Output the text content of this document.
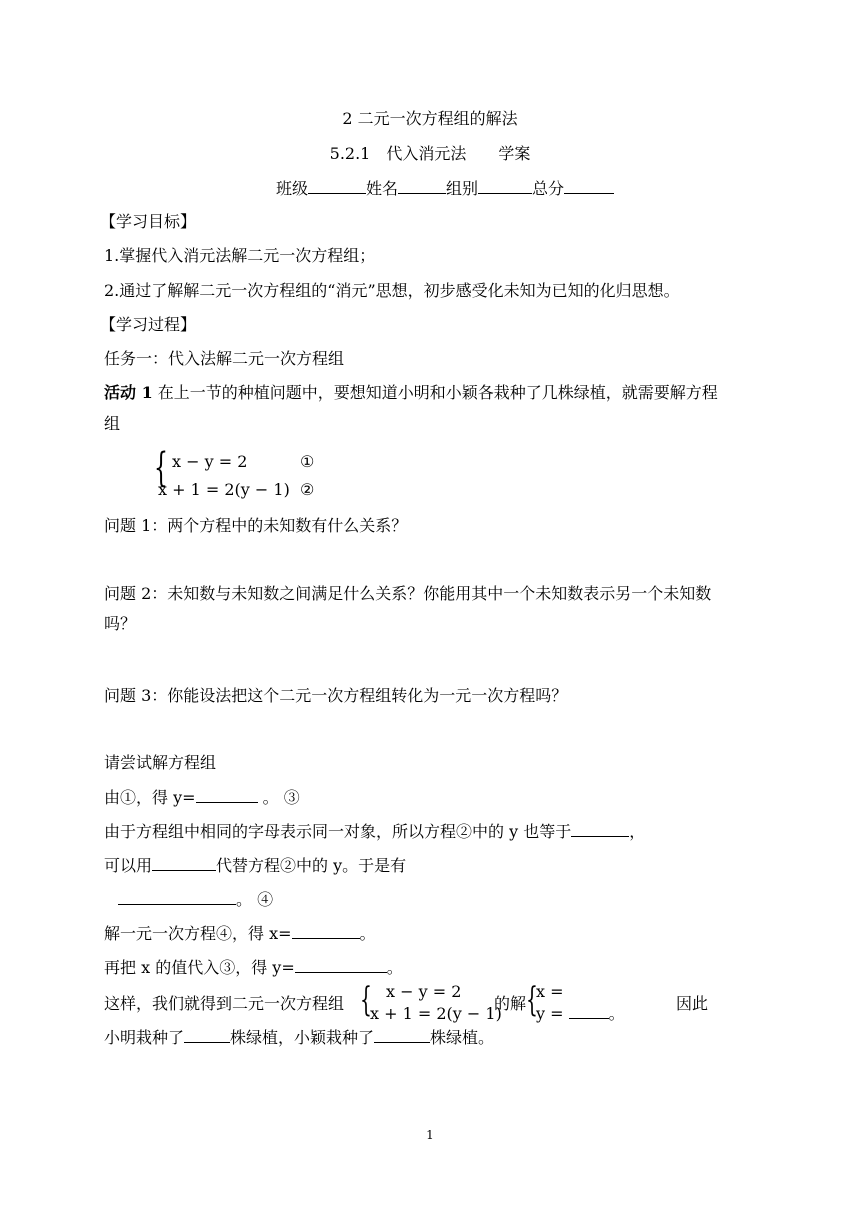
2 二元一次方程组的解法
5.2.1　代入消元法　　学案
班级	姓名	组别	总分
【学习目标】
1.掌握代入消元法解二元一次方程组；
2.通过了解解二元一次方程组的“消元”思想，初步感受化未知为已知的化归思想。
【学习过程】
任务一：代入法解二元一次方程组
活动 1 在上一节的种植问题中，要想知道小明和小颖各栽种了几株绿植，就需要解方程
组
{ x − y = 2	①
x + 1 = 2(y − 1) ②
问题 1：两个方程中的未知数有什么关系？
问题 2：未知数与未知数之间满足什么关系？你能用其中一个未知数表示另一个未知数
吗？
问题 3：你能设法把这个二元一次方程组转化为一元一次方程吗？
请尝试解方程组
由①，得 y=	。 ③
由于方程组中相同的字母表示同一对象，所以方程②中的 y 也等于	，
可以用	代替方程②中的 y。于是有
。 ④
解一元一次方程④，得 x=	。
再把 x 的值代入③，得 y=	。
这样，我们就得到二元一次方程组 { x − y = 2
x + 1 = 2(y − 1)
的解 {
x =
y =	。
因此
小明栽种了	株绿植，小颖栽种了	株绿植。
1
